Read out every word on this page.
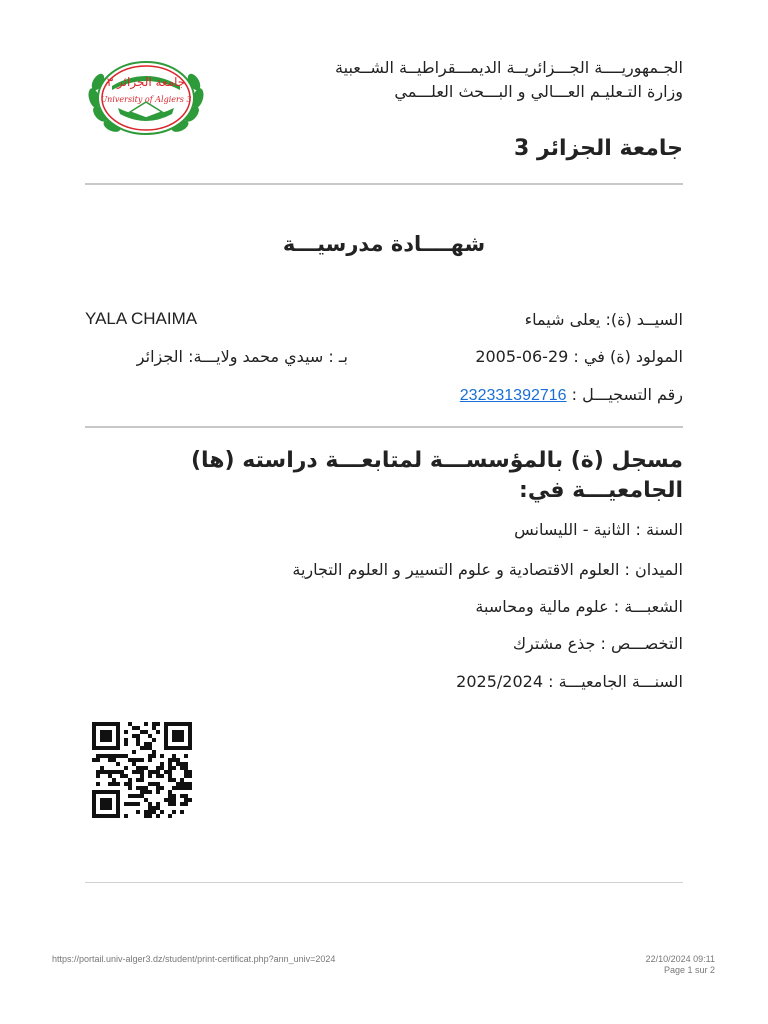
جامعة الجزائر ٣
University of Algiers 3
الجـمهوريــــة الجـــزائريــة الديمـــقراطيــة الشــعبية
وزارة التـعليـم العـــالي و البـــحث العلـــمي
جامعة الجزائر 3
شهــــادة مدرسيـــة
السيــد (ة): يعلى شيماء
YALA CHAIMA
المولود (ة) في : 29-06-2005
بـ : سيدي محمد ولايـــة: الجزائر
رقم التسجيـــل : 232331392716
مسجل (ة) بالمؤسســـة لمتابعـــة دراسته (ها) الجامعيـــة في:
السنة : الثانية - الليسانس
الميدان : العلوم الاقتصادية و علوم التسيير و العلوم التجارية
الشعبـــة : علوم مالية ومحاسبة
التخصـــص : جذع مشترك
السنـــة الجامعيـــة : 2025/2024
https://portail.univ-alger3.dz/student/print-certificat.php?ann_univ=2024	22/10/2024 09:11
Page 1 sur 2
